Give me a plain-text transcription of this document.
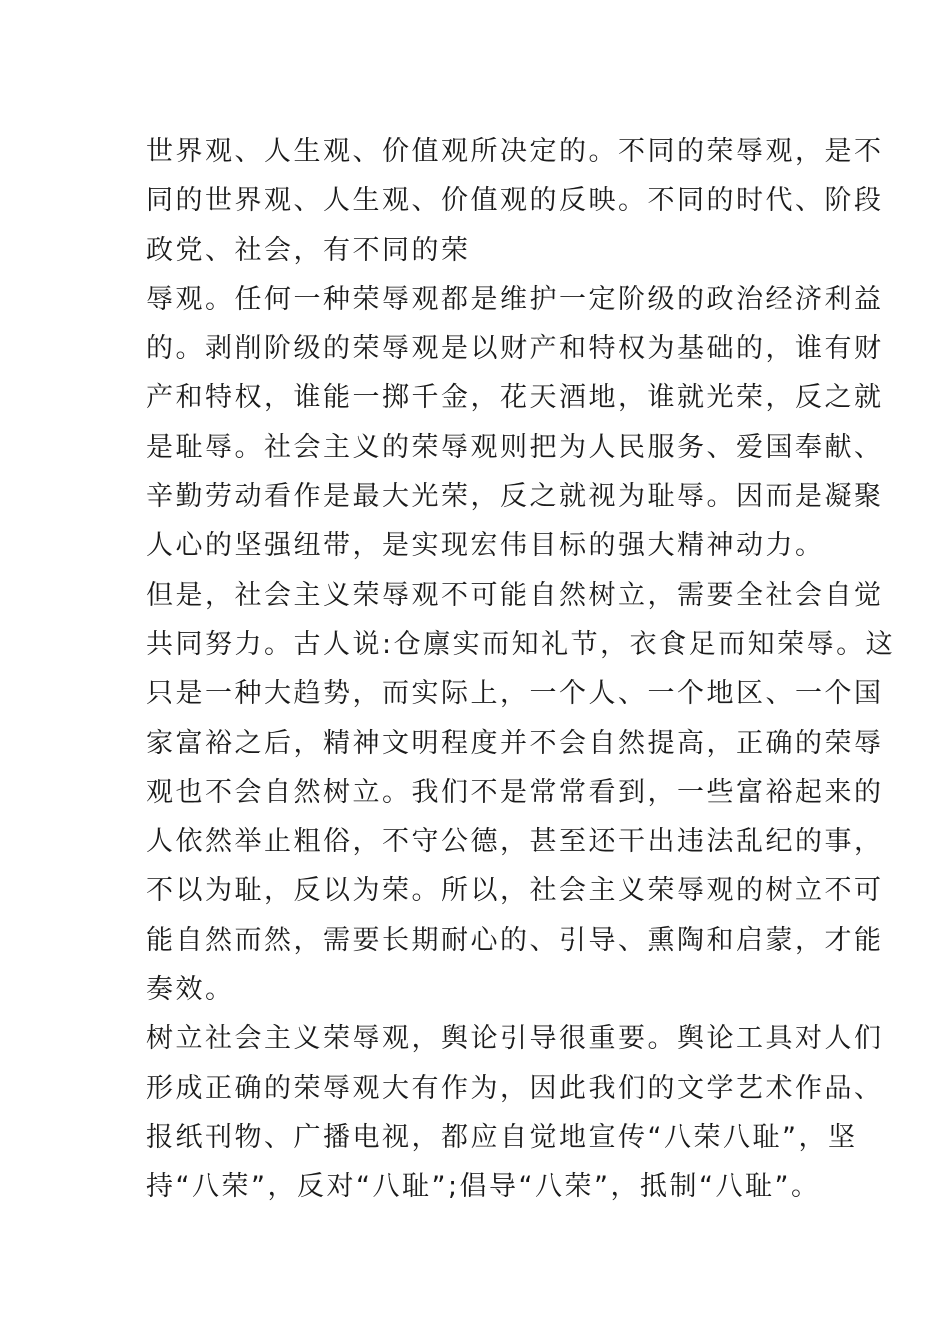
世界观、人生观、价值观所决定的。不同的荣辱观，是不

同的世界观、人生观、价值观的反映。不同的时代、阶段

政党、社会，有不同的荣

辱观。任何一种荣辱观都是维护一定阶级的政治经济利益

的。剥削阶级的荣辱观是以财产和特权为基础的，谁有财

产和特权，谁能一掷千金，花天酒地，谁就光荣，反之就

是耻辱。社会主义的荣辱观则把为人民服务、爱国奉献、

辛勤劳动看作是最大光荣，反之就视为耻辱。因而是凝聚

人心的坚强纽带，是实现宏伟目标的强大精神动力。

但是，社会主义荣辱观不可能自然树立，需要全社会自觉

共同努力。古人说:仓廪实而知礼节，衣食足而知荣辱。这

只是一种大趋势，而实际上，一个人、一个地区、一个国

家富裕之后，精神文明程度并不会自然提高，正确的荣辱

观也不会自然树立。我们不是常常看到，一些富裕起来的

人依然举止粗俗，不守公德，甚至还干出违法乱纪的事，

不以为耻，反以为荣。所以，社会主义荣辱观的树立不可

能自然而然，需要长期耐心的、引导、熏陶和启蒙，才能

奏效。

树立社会主义荣辱观，舆论引导很重要。舆论工具对人们

形成正确的荣辱观大有作为，因此我们的文学艺术作品、

报纸刊物、广播电视，都应自觉地宣传“八荣八耻”，坚

持“八荣”，反对“八耻”;倡导“八荣”，抵制“八耻”。
